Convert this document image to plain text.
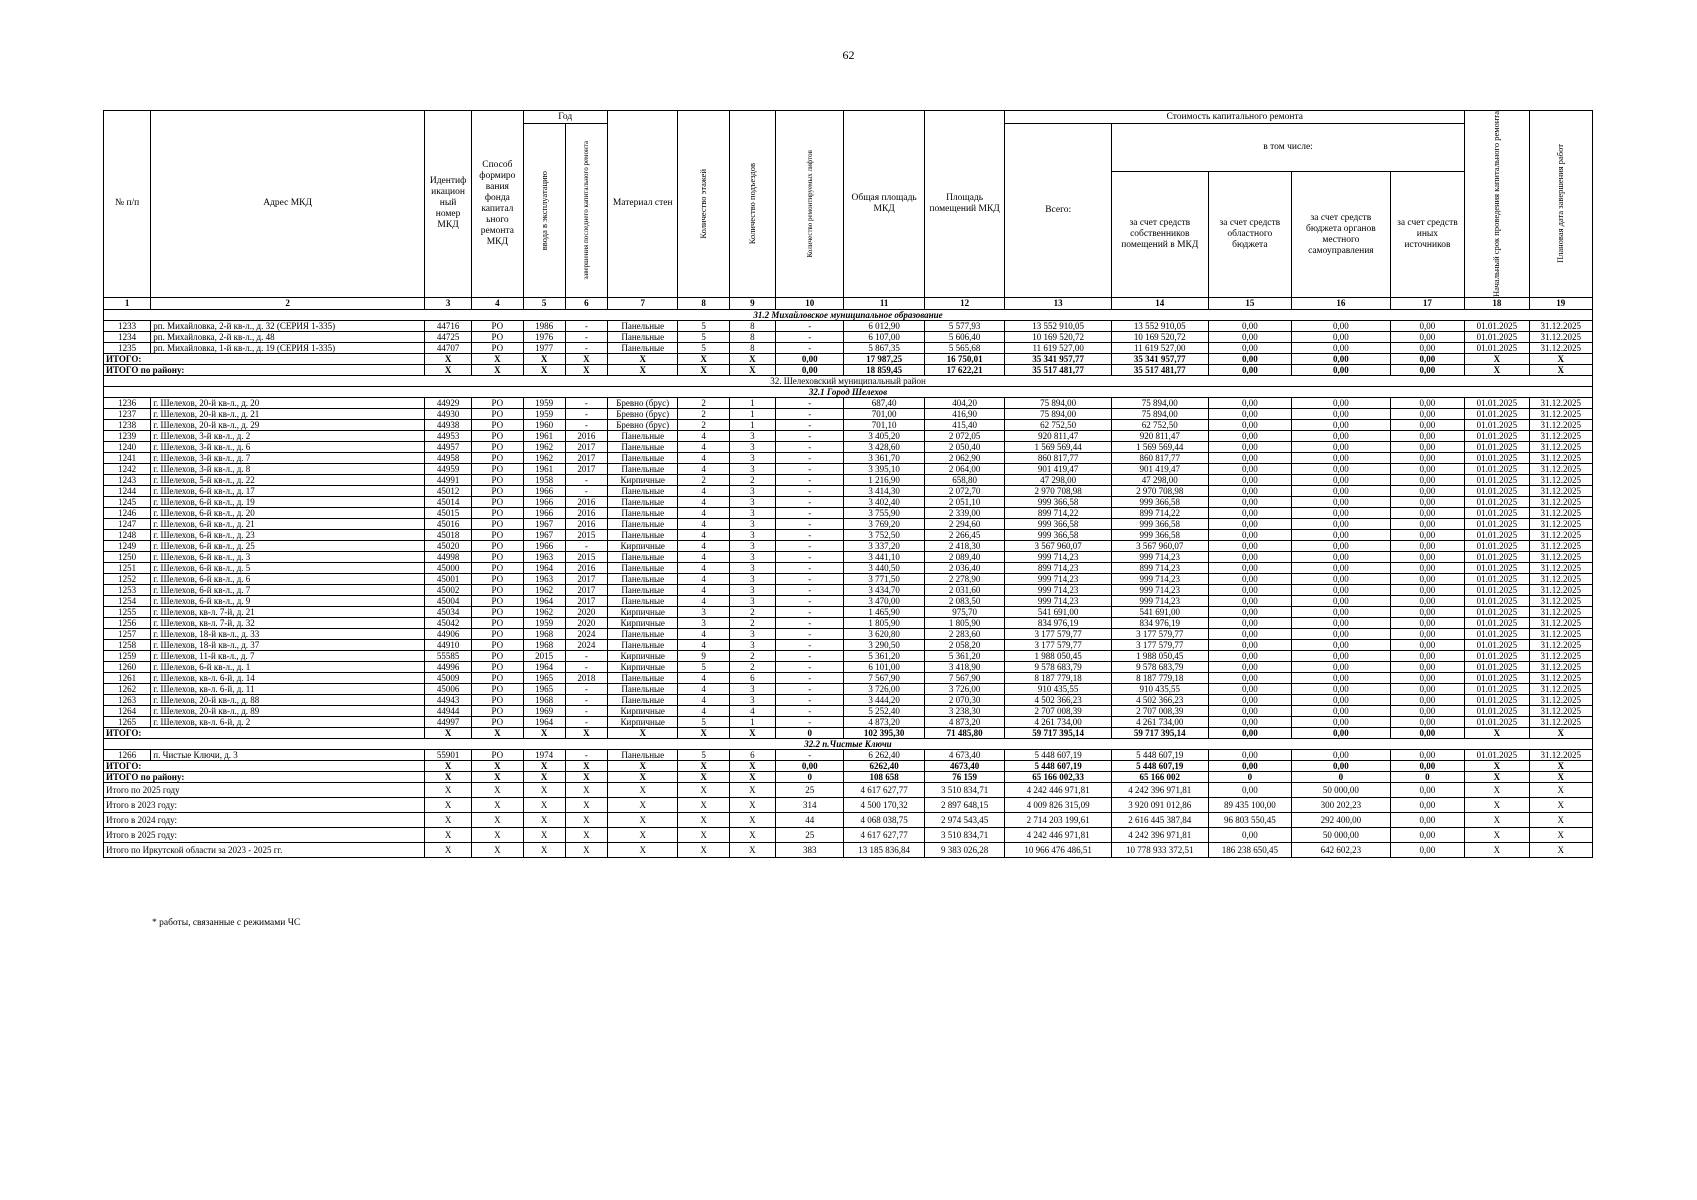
62
№ п/п	Адрес МКД	Идентиф икацион ный номер МКД	Способ формиро вания фонда капитал ьного ремонта МКД	Год		Материал стен	Количество этажей	Количество подъездов	Количество ремонтируемых лифтов	Общая площадь МКД	Площадь помещений МКД	Стоимость капитального ремонта					Начальный срок проведения капитального ремонта	Плановая дата завершения работ

				ввода в эксплуатацию	завершения последнего капитального ремонта							Всего:	в том числе:					
													за счет средств собственников помещений в МКД	за счет средств областного бюджета	за счет средств бюджета органов местного самоуправления	за счет средств иных источников		
1	2	3	4	5	6	7	8	9	10	11	12	13	14	15	16	17	18	19
31.2 Михайловское муниципальное образование																		
1233	рп. Михайловка, 2-й кв-л., д. 32 (СЕРИЯ 1-335)	44716	РО	1986	-	Панельные	5	8	-	6 012,90	5 577,93	13 552 910,05	13 552 910,05	0,00	0,00	0,00	01.01.2025	31.12.2025
1234	рп. Михайловка, 2-й кв-л., д. 48	44725	РО	1976	-	Панельные	5	8	-	6 107,00	5 606,40	10 169 520,72	10 169 520,72	0,00	0,00	0,00	01.01.2025	31.12.2025
1235	рп. Михайловка, 1-й кв-л., д. 19 (СЕРИЯ 1-335)	44707	РО	1977	-	Панельные	5	8	-	5 867,35	5 565,68	11 619 527,00	11 619 527,00	0,00	0,00	0,00	01.01.2025	31.12.2025
ИТОГО:		X	X	X	X	X	X	X	0,00	17 987,25	16 750,01	35 341 957,77	35 341 957,77	0,00	0,00	0,00	X	X
ИТОГО по району:		X	X	X	X	X	X	X	0,00	18 859,45	17 622,21	35 517 481,77	35 517 481,77	0,00	0,00	0,00	X	X
32. Шелеховский муниципальный район																		
32.1 Город Шелехов																		
1236	г. Шелехов, 20-й кв-л., д. 20	44929	РО	1959	-	Бревно (брус)	2	1	-	687,40	404,20	75 894,00	75 894,00	0,00	0,00	0,00	01.01.2025	31.12.2025
1237	г. Шелехов, 20-й кв-л., д. 21	44930	РО	1959	-	Бревно (брус)	2	1	-	701,00	416,90	75 894,00	75 894,00	0,00	0,00	0,00	01.01.2025	31.12.2025
1238	г. Шелехов, 20-й кв-л., д. 29	44938	РО	1960	-	Бревно (брус)	2	1	-	701,10	415,40	62 752,50	62 752,50	0,00	0,00	0,00	01.01.2025	31.12.2025
1239	г. Шелехов, 3-й кв-л., д. 2	44953	РО	1961	2016	Панельные	4	3	-	3 405,20	2 072,05	920 811,47	920 811,47	0,00	0,00	0,00	01.01.2025	31.12.2025
1240	г. Шелехов, 3-й кв-л., д. 6	44957	РО	1962	2017	Панельные	4	3	-	3 428,60	2 050,40	1 569 569,44	1 569 569,44	0,00	0,00	0,00	01.01.2025	31.12.2025
1241	г. Шелехов, 3-й кв-л., д. 7	44958	РО	1962	2017	Панельные	4	3	-	3 361,70	2 062,90	860 817,77	860 817,77	0,00	0,00	0,00	01.01.2025	31.12.2025
1242	г. Шелехов, 3-й кв-л., д. 8	44959	РО	1961	2017	Панельные	4	3	-	3 395,10	2 064,00	901 419,47	901 419,47	0,00	0,00	0,00	01.01.2025	31.12.2025
1243	г. Шелехов, 5-й кв-л., д. 22	44991	РО	1958	-	Кирпичные	2	2	-	1 216,90	658,80	47 298,00	47 298,00	0,00	0,00	0,00	01.01.2025	31.12.2025
1244	г. Шелехов, 6-й кв-л., д. 17	45012	РО	1966	-	Панельные	4	3	-	3 414,30	2 072,70	2 970 708,98	2 970 708,98	0,00	0,00	0,00	01.01.2025	31.12.2025
1245	г. Шелехов, 6-й кв-л., д. 19	45014	РО	1966	2016	Панельные	4	3	-	3 402,40	2 051,10	999 366,58	999 366,58	0,00	0,00	0,00	01.01.2025	31.12.2025
1246	г. Шелехов, 6-й кв-л., д. 20	45015	РО	1966	2016	Панельные	4	3	-	3 755,90	2 339,00	899 714,22	899 714,22	0,00	0,00	0,00	01.01.2025	31.12.2025
1247	г. Шелехов, 6-й кв-л., д. 21	45016	РО	1967	2016	Панельные	4	3	-	3 769,20	2 294,60	999 366,58	999 366,58	0,00	0,00	0,00	01.01.2025	31.12.2025
1248	г. Шелехов, 6-й кв-л., д. 23	45018	РО	1967	2015	Панельные	4	3	-	3 752,50	2 266,45	999 366,58	999 366,58	0,00	0,00	0,00	01.01.2025	31.12.2025
1249	г. Шелехов, 6-й кв-л., д. 25	45020	РО	1966	-	Кирпичные	4	3	-	3 337,20	2 418,30	3 567 960,07	3 567 960,07	0,00	0,00	0,00	01.01.2025	31.12.2025
1250	г. Шелехов, 6-й кв-л., д. 3	44998	РО	1963	2015	Панельные	4	3	-	3 441,10	2 089,40	999 714,23	999 714,23	0,00	0,00	0,00	01.01.2025	31.12.2025
1251	г. Шелехов, 6-й кв-л., д. 5	45000	РО	1964	2016	Панельные	4	3	-	3 440,50	2 036,40	899 714,23	899 714,23	0,00	0,00	0,00	01.01.2025	31.12.2025
1252	г. Шелехов, 6-й кв-л., д. 6	45001	РО	1963	2017	Панельные	4	3	-	3 771,50	2 278,90	999 714,23	999 714,23	0,00	0,00	0,00	01.01.2025	31.12.2025
1253	г. Шелехов, 6-й кв-л., д. 7	45002	РО	1962	2017	Панельные	4	3	-	3 434,70	2 031,60	999 714,23	999 714,23	0,00	0,00	0,00	01.01.2025	31.12.2025
1254	г. Шелехов, 6-й кв-л., д. 9	45004	РО	1964	2017	Панельные	4	3	-	3 470,00	2 083,50	999 714,23	999 714,23	0,00	0,00	0,00	01.01.2025	31.12.2025
1255	г. Шелехов, кв-л. 7-й, д. 21	45034	РО	1962	2020	Кирпичные	3	2	-	1 465,90	975,70	541 691,00	541 691,00	0,00	0,00	0,00	01.01.2025	31.12.2025
1256	г. Шелехов, кв-л. 7-й, д. 32	45042	РО	1959	2020	Кирпичные	3	2	-	1 805,90	1 805,90	834 976,19	834 976,19	0,00	0,00	0,00	01.01.2025	31.12.2025
1257	г. Шелехов, 18-й кв-л., д. 33	44906	РО	1968	2024	Панельные	4	3	-	3 620,80	2 283,60	3 177 579,77	3 177 579,77	0,00	0,00	0,00	01.01.2025	31.12.2025
1258	г. Шелехов, 18-й кв-л., д. 37	44910	РО	1968	2024	Панельные	4	3	-	3 290,50	2 058,20	3 177 579,77	3 177 579,77	0,00	0,00	0,00	01.01.2025	31.12.2025
1259	г. Шелехов, 11-й кв-л., д. 7	55585	РО	2015	-	Кирпичные	9	2	-	5 361,20	5 361,20	1 988 050,45	1 988 050,45	0,00	0,00	0,00	01.01.2025	31.12.2025
1260	г. Шелехов, 6-й кв-л., д. 1	44996	РО	1964	-	Кирпичные	5	2	-	6 101,00	3 418,90	9 578 683,79	9 578 683,79	0,00	0,00	0,00	01.01.2025	31.12.2025
1261	г. Шелехов, кв-л. 6-й, д. 14	45009	РО	1965	2018	Панельные	4	6	-	7 567,90	7 567,90	8 187 779,18	8 187 779,18	0,00	0,00	0,00	01.01.2025	31.12.2025
1262	г. Шелехов, кв-л. 6-й, д. 11	45006	РО	1965	-	Панельные	4	3	-	3 726,00	3 726,00	910 435,55	910 435,55	0,00	0,00	0,00	01.01.2025	31.12.2025
1263	г. Шелехов, 20-й кв-л., д. 88	44943	РО	1968	-	Панельные	4	3	-	3 444,20	2 070,30	4 502 366,23	4 502 366,23	0,00	0,00	0,00	01.01.2025	31.12.2025
1264	г. Шелехов, 20-й кв-л., д. 89	44944	РО	1969	-	Кирпичные	4	4	-	5 252,40	3 238,30	2 707 008,39	2 707 008,39	0,00	0,00	0,00	01.01.2025	31.12.2025
1265	г. Шелехов, кв-л. 6-й, д. 2	44997	РО	1964	-	Кирпичные	5	1	-	4 873,20	4 873,20	4 261 734,00	4 261 734,00	0,00	0,00	0,00	01.01.2025	31.12.2025
ИТОГО:		X	X	X	X	X	X	X	0	102 395,30	71 485,80	59 717 395,14	59 717 395,14	0,00	0,00	0,00	X	X
32.2 п.Чистые Ключи																		
1266	п. Чистые Ключи, д. 3	55901	РО	1974	-	Панельные	5	6	-	6 262,40	4 673,40	5 448 607,19	5 448 607,19	0,00	0,00	0,00	01.01.2025	31.12.2025
ИТОГО:		X	X	X	X	X	X	X	0,00	6262,40	4673,40	5 448 607,19	5 448 607,19	0,00	0,00	0,00	X	X
ИТОГО по району:		X	X	X	X	X	X	X	0	108 658	76 159	65 166 002,33	65 166 002	0	0	0	X	X
Итого по 2025 году		X	X	X	X	X	X	X	25	4 617 627,77	3 510 834,71	4 242 446 971,81	4 242 396 971,81	0,00	50 000,00	0,00	X	X
Итого в 2023 году:		X	X	X	X	X	X	X	314	4 500 170,32	2 897 648,15	4 009 826 315,09	3 920 091 012,86	89 435 100,00	300 202,23	0,00	X	X
Итого в 2024 году:		X	X	X	X	X	X	X	44	4 068 038,75	2 974 543,45	2 714 203 199,61	2 616 445 387,84	96 803 550,45	292 400,00	0,00	X	X
Итого в 2025 году:		X	X	X	X	X	X	X	25	4 617 627,77	3 510 834,71	4 242 446 971,81	4 242 396 971,81	0,00	50 000,00	0,00	X	X
Итого по Иркутской области за 2023 - 2025 гг.		X	X	X	X	X	X	X	383	13 185 836,84	9 383 026,28	10 966 476 486,51	10 778 933 372,51	186 238 650,45	642 602,23	0,00	X	X
* работы, связанные с режимами ЧС
